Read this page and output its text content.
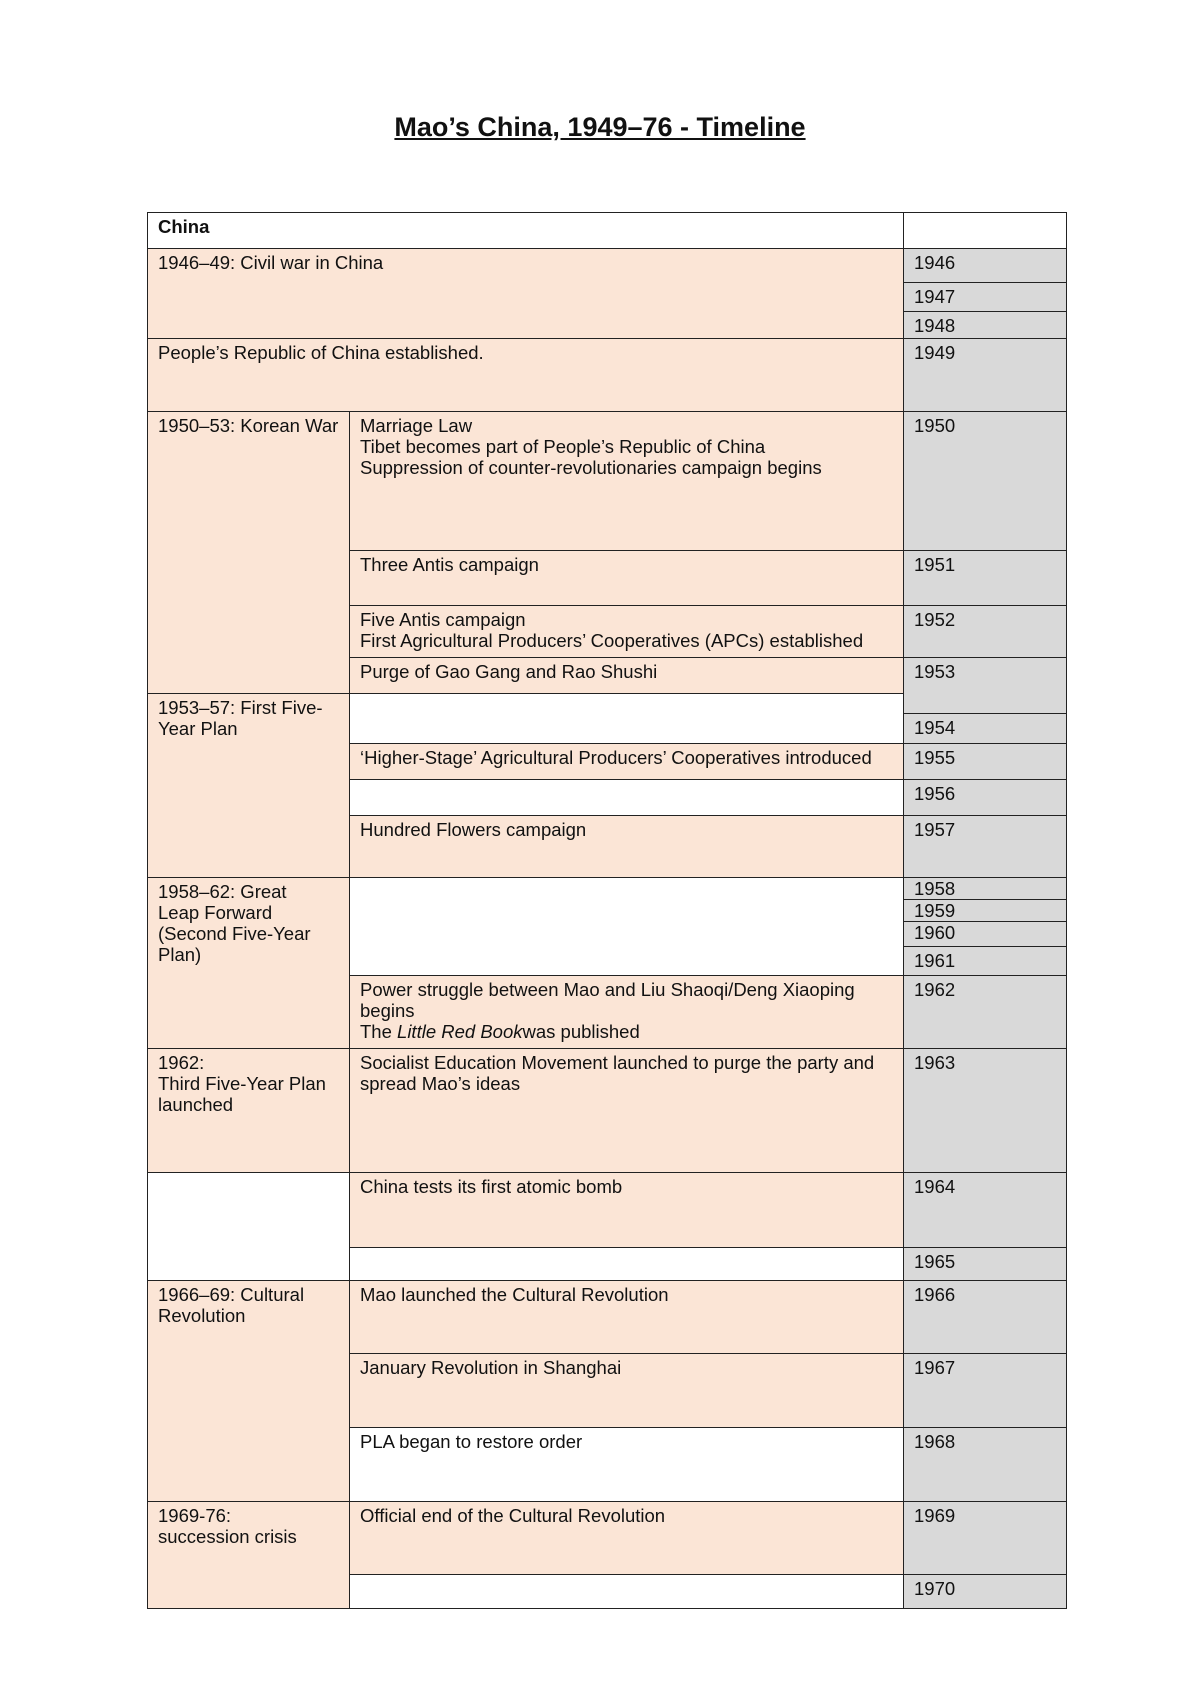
Mao’s China, 1949–76 - Timeline
China
1946–49: Civil war in China
People’s Republic of China established.
1950–53: Korean War
1953–57: First Five-Year Plan
1958–62: Great Leap Forward (Second Five-Year Plan)
1962:
Third Five-Year Plan launched
1966–69: Cultural Revolution
1969-76:
succession crisis
Marriage Law
Tibet becomes part of People’s Republic of China
Suppression of counter-revolutionaries campaign begins
Three Antis campaign
Five Antis campaign
First Agricultural Producers’ Cooperatives (APCs) established
Purge of Gao Gang and Rao Shushi
‘Higher-Stage’ Agricultural Producers’ Cooperatives introduced
Hundred Flowers campaign
Power struggle between Mao and Liu Shaoqi/Deng Xiaoping begins
The Little Red Bookwas published
Socialist Education Movement launched to purge the party and spread Mao’s ideas
China tests its first atomic bomb
Mao launched the Cultural Revolution
January Revolution in Shanghai
PLA began to restore order
Official end of the Cultural Revolution
1946
1947
1948
1949
1950
1951
1952
1953
1954
1955
1956
1957
1958
1959
1960
1961
1962
1963
1964
1965
1966
1967
1968
1969
1970
